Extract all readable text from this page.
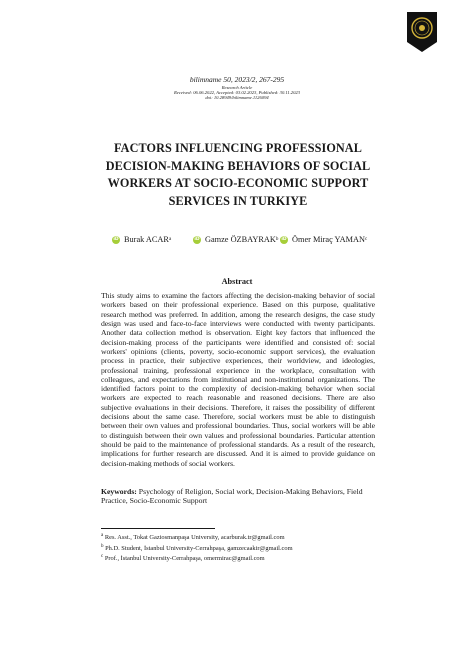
bilimname 50, 2023/2, 267-295
Research Article
Received: 06.06.2022, Accepted: 03.02.2023, Published: 30.11.2023
doi: 10.28949/bilimname.1126094
FACTORS INFLUENCING PROFESSIONAL DECISION-MAKING BEHAVIORS OF SOCIAL WORKERS AT SOCIO-ECONOMIC SUPPORT SERVICES IN TURKIYE
iD Burak ACAR a	iD Gamze ÖZBAYRAK b iD Ömer Miraç YAMAN c
Abstract

This study aims to examine the factors affecting the decision-making behavior of social workers based on their professional experience. Based on this purpose, qualitative research method was preferred. In addition, among the research designs, the case study design was used and face-to-face interviews were conducted with twenty participants. Another data collection method is observation. Eight key factors that influenced the decision-making process of the participants were identified and consisted of: social workers' opinions (clients, poverty, socio-economic support services), the evaluation process in practice, their subjective experiences, their worldview, and ideologies, professional training, professional experience in the workplace, consultation with colleagues, and expectations from institutional and non-institutional organizations. The identified factors point to the complexity of decision-making behavior when social workers are expected to reach reasonable and reasoned decisions. There are also subjective evaluations in their decisions. Therefore, it raises the possibility of different decisions about the same case. Therefore, social workers must be able to distinguish between their own values and professional boundaries. Thus, social workers will be able to distinguish between their own values and professional boundaries. Particular attention should be paid to the maintenance of professional standards. As a result of the research, implications for further research are discussed. And it is aimed to provide guidance on decision-making methods of social workers.

Keywords: Psychology of Religion, Social work, Decision-Making Behaviors, Field Practice, Socio-Economic Support

$^a$ Res. Asst., Tokat Gaziosmanpaşa University, acarburak.tr@gmail.com
$^b$ Ph.D. Student, İstanbul University-Cerrahpaşa, gamzecaakir@gmail.com
$^c$ Prof., İstanbul University-Cerrahpaşa, omermirac@gmail.com
